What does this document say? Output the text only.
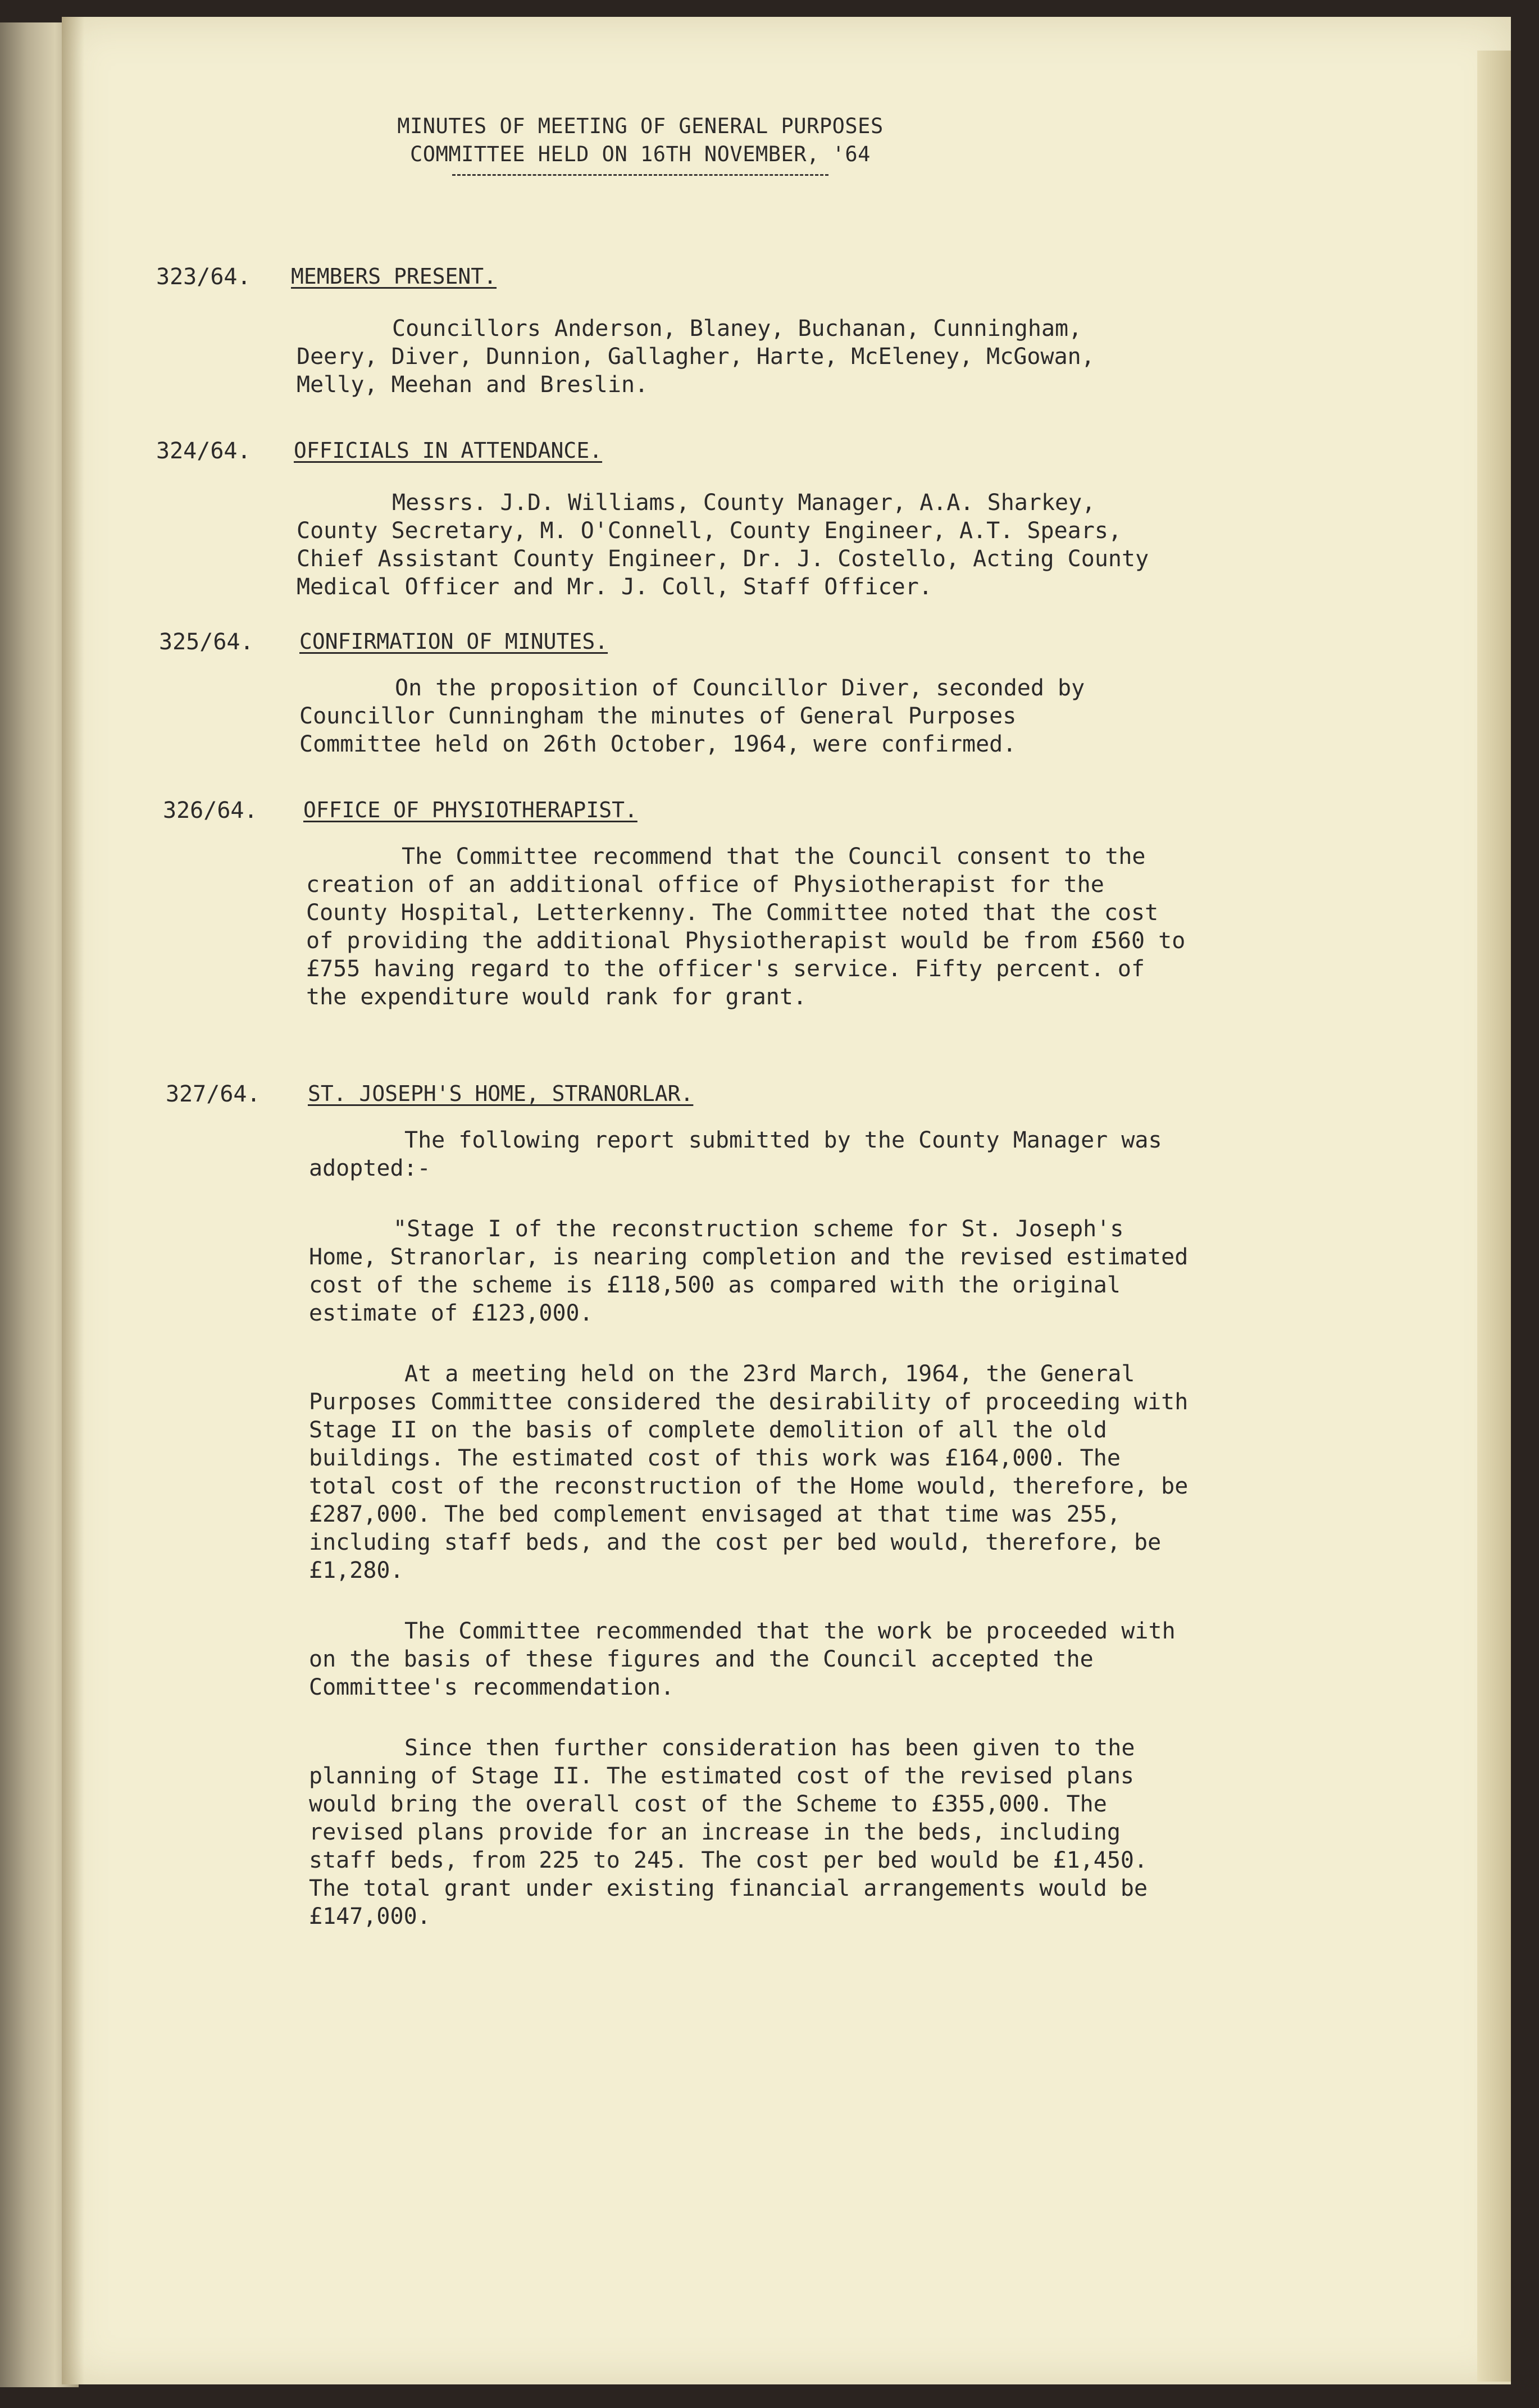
MINUTES OF MEETING OF GENERAL PURPOSES
COMMITTEE HELD ON 16TH NOVEMBER, '64
323/64. MEMBERS PRESENT.

Councillors Anderson, Blaney, Buchanan, Cunningham, Deery, Diver, Dunnion, Gallagher, Harte, McEleney, McGowan, Melly, Meehan and Breslin.

324/64. OFFICIALS IN ATTENDANCE.

Messrs. J.D. Williams, County Manager, A.A. Sharkey, County Secretary, M. O'Connell, County Engineer, A.T. Spears, Chief Assistant County Engineer, Dr. J. Costello, Acting County Medical Officer and Mr. J. Coll, Staff Officer.

325/64. CONFIRMATION OF MINUTES.

On the proposition of Councillor Diver, seconded by Councillor Cunningham the minutes of General Purposes Committee held on 26th October, 1964, were confirmed.

326/64. OFFICE OF PHYSIOTHERAPIST.

The Committee recommend that the Council consent to the creation of an additional office of Physiotherapist for the County Hospital, Letterkenny. The Committee noted that the cost of providing the additional Physiotherapist would be from £560 to £755 having regard to the officer's service. Fifty percent. of the expenditure would rank for grant.

327/64. ST. JOSEPH'S HOME, STRANORLAR.

The following report submitted by the County Manager was adopted:-

"Stage I of the reconstruction scheme for St. Joseph's Home, Stranorlar, is nearing completion and the revised estimated cost of the scheme is £118,500 as compared with the original estimate of £123,000.

At a meeting held on the 23rd March, 1964, the General Purposes Committee considered the desirability of proceeding with Stage II on the basis of complete demolition of all the old buildings. The estimated cost of this work was £164,000. The total cost of the reconstruction of the Home would, therefore, be £287,000. The bed complement envisaged at that time was 255, including staff beds, and the cost per bed would, therefore, be £1,280.

The Committee recommended that the work be proceeded with on the basis of these figures and the Council accepted the Committee's recommendation.

Since then further consideration has been given to the planning of Stage II. The estimated cost of the revised plans would bring the overall cost of the Scheme to £355,000. The revised plans provide for an increase in the beds, including staff beds, from 225 to 245. The cost per bed would be £1,450. The total grant under existing financial arrangements would be £147,000.
